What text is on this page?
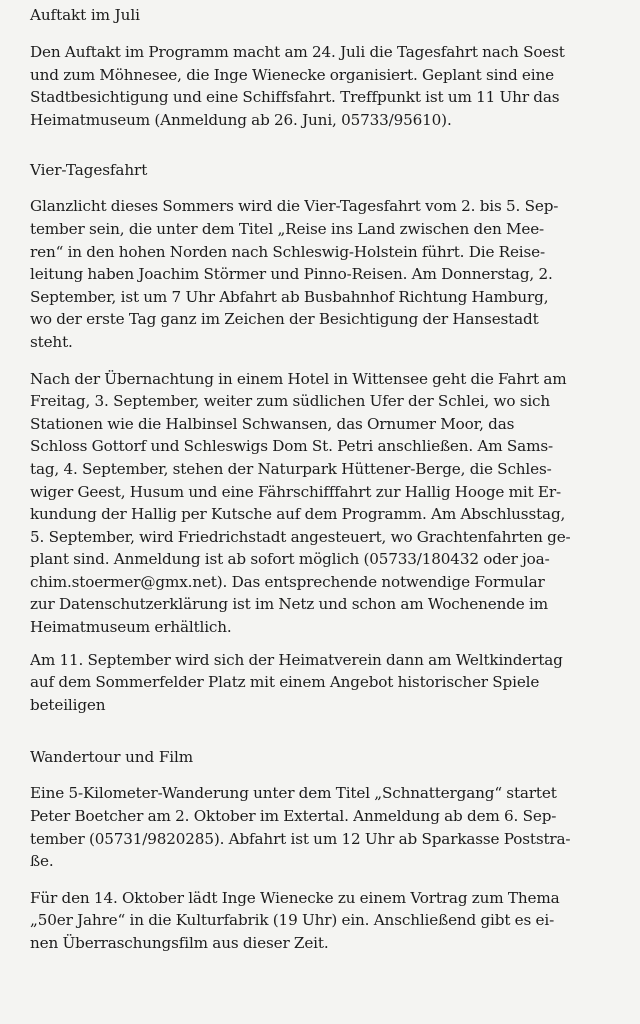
Auftakt im Juli

Den Auftakt im Programm macht am 24. Juli die Tagesfahrt nach Soest
und zum Möhnesee, die Inge Wienecke organisiert. Geplant sind eine
Stadtbesichtigung und eine Schiffsfahrt. Treffpunkt ist um 11 Uhr das
Heimatmuseum (Anmeldung ab 26. Juni, 05733/95610).

Vier-Tagesfahrt

Glanzlicht dieses Sommers wird die Vier-Tagesfahrt vom 2. bis 5. Sep-
tember sein, die unter dem Titel „Reise ins Land zwischen den Mee-
ren“ in den hohen Norden nach Schleswig-Holstein führt. Die Reise-
leitung haben Joachim Störmer und Pinno-Reisen. Am Donnerstag, 2.
September, ist um 7 Uhr Abfahrt ab Busbahnhof Richtung Hamburg,
wo der erste Tag ganz im Zeichen der Besichtigung der Hansestadt
steht.

Nach der Übernachtung in einem Hotel in Wittensee geht die Fahrt am
Freitag, 3. September, weiter zum südlichen Ufer der Schlei, wo sich
Stationen wie die Halbinsel Schwansen, das Ornumer Moor, das
Schloss Gottorf und Schleswigs Dom St. Petri anschließen. Am Sams-
tag, 4. September, stehen der Naturpark Hüttener-Berge, die Schles-
wiger Geest, Husum und eine Fährschifffahrt zur Hallig Hooge mit Er-
kundung der Hallig per Kutsche auf dem Programm. Am Abschlusstag,
5. September, wird Friedrichstadt angesteuert, wo Grachtenfahrten ge-
plant sind. Anmeldung ist ab sofort möglich (05733/180432 oder joa-
chim.stoermer@gmx.net). Das entsprechende notwendige Formular
zur Datenschutzerklärung ist im Netz und schon am Wochenende im
Heimatmuseum erhältlich.

Am 11. September wird sich der Heimatverein dann am Weltkindertag
auf dem Sommerfelder Platz mit einem Angebot historischer Spiele
beteiligen

Wandertour und Film

Eine 5-Kilometer-Wanderung unter dem Titel „Schnattergang“ startet
Peter Boetcher am 2. Oktober im Extertal. Anmeldung ab dem 6. Sep-
tember (05731/9820285). Abfahrt ist um 12 Uhr ab Sparkasse Poststra-
ße.

Für den 14. Oktober lädt Inge Wienecke zu einem Vortrag zum Thema
„50er Jahre“ in die Kulturfabrik (19 Uhr) ein. Anschließend gibt es ei-
nen Überraschungsfilm aus dieser Zeit.
